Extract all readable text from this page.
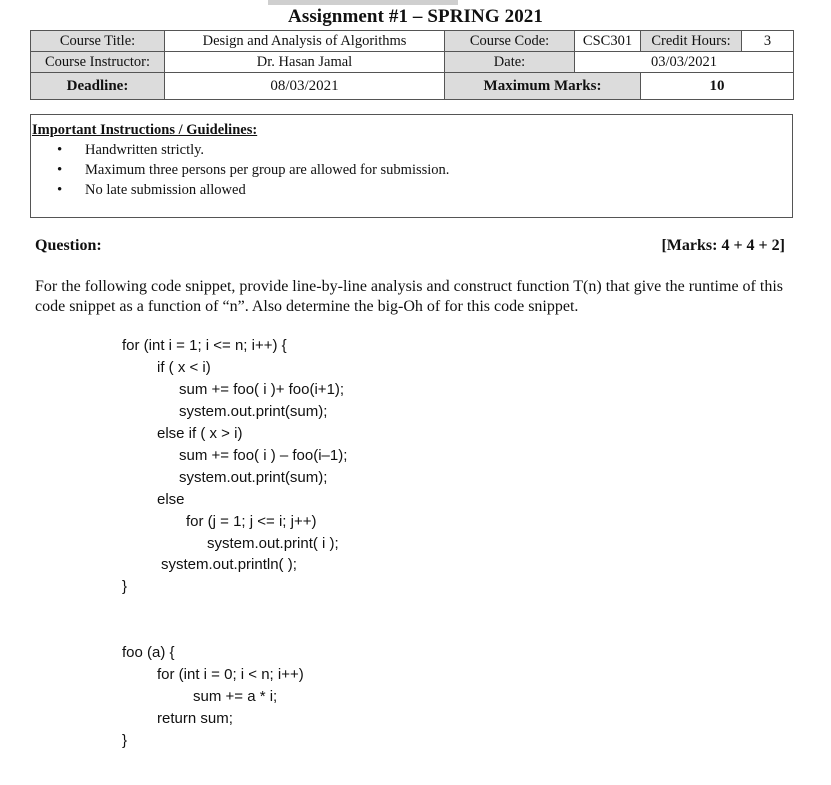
Assignment #1 – SPRING 2021
Course Title:	Design and Analysis of Algorithms	Course Code:	CSC301	Credit Hours:	3
Course Instructor:	Dr. Hasan Jamal	Date:	03/03/2021		
Deadline:	08/03/2021	Maximum Marks:		10	
Important Instructions / Guidelines:
• Handwritten strictly.
• Maximum three persons per group are allowed for submission.
• No late submission allowed
Question:	[Marks: 4 + 4 + 2]
For the following code snippet, provide line-by-line analysis and construct function T(n) that give the runtime of this code snippet as a function of “n”. Also determine the big-Oh of for this code snippet.
for (int i = 1; i <= n; i++) {
if ( x < i)
sum += foo( i )+ foo(i+1);
system.out.print(sum);
else if ( x > i)
sum += foo( i ) – foo(i–1);
system.out.print(sum);
else
for (j = 1; j <= i; j++)
system.out.print( i );
system.out.println( );
}
foo (a) {
for (int i = 0; i < n; i++)
sum += a * i;
return sum;
}
